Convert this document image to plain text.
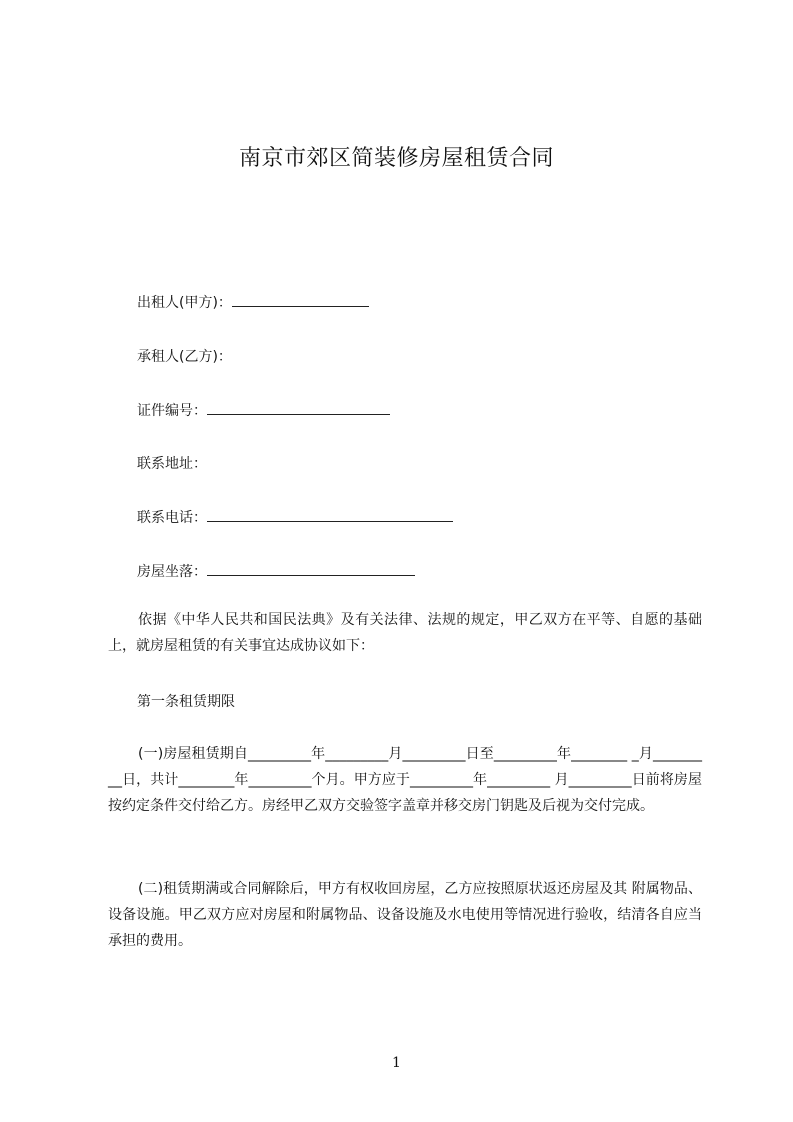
南京市郊区简装修房屋租赁合同
出租人(甲方)：
承租人(乙方)：
证件编号：
联系地址：
联系电话：
房屋坐落：
依据《中华人民共和国民法典》及有关法律、法规的规定，甲乙双方在平等、自愿的基础上，就房屋租赁的有关事宜达成协议如下：
第一条租赁期限
(一)房屋租赁期自_________年_________月_________日至_________年________ _月_________日，共计________年_________个月。甲方应于_________年_________ 月_________日前将房屋按约定条件交付给乙方。房经甲乙双方交验签字盖章并移交房门钥匙及后视为交付完成。
(二)租赁期满或合同解除后，甲方有权收回房屋，乙方应按照原状返还房屋及其 附属物品、设备设施。甲乙双方应对房屋和附属物品、设备设施及水电使用等情况进行验收，结清各自应当承担的费用。
1
